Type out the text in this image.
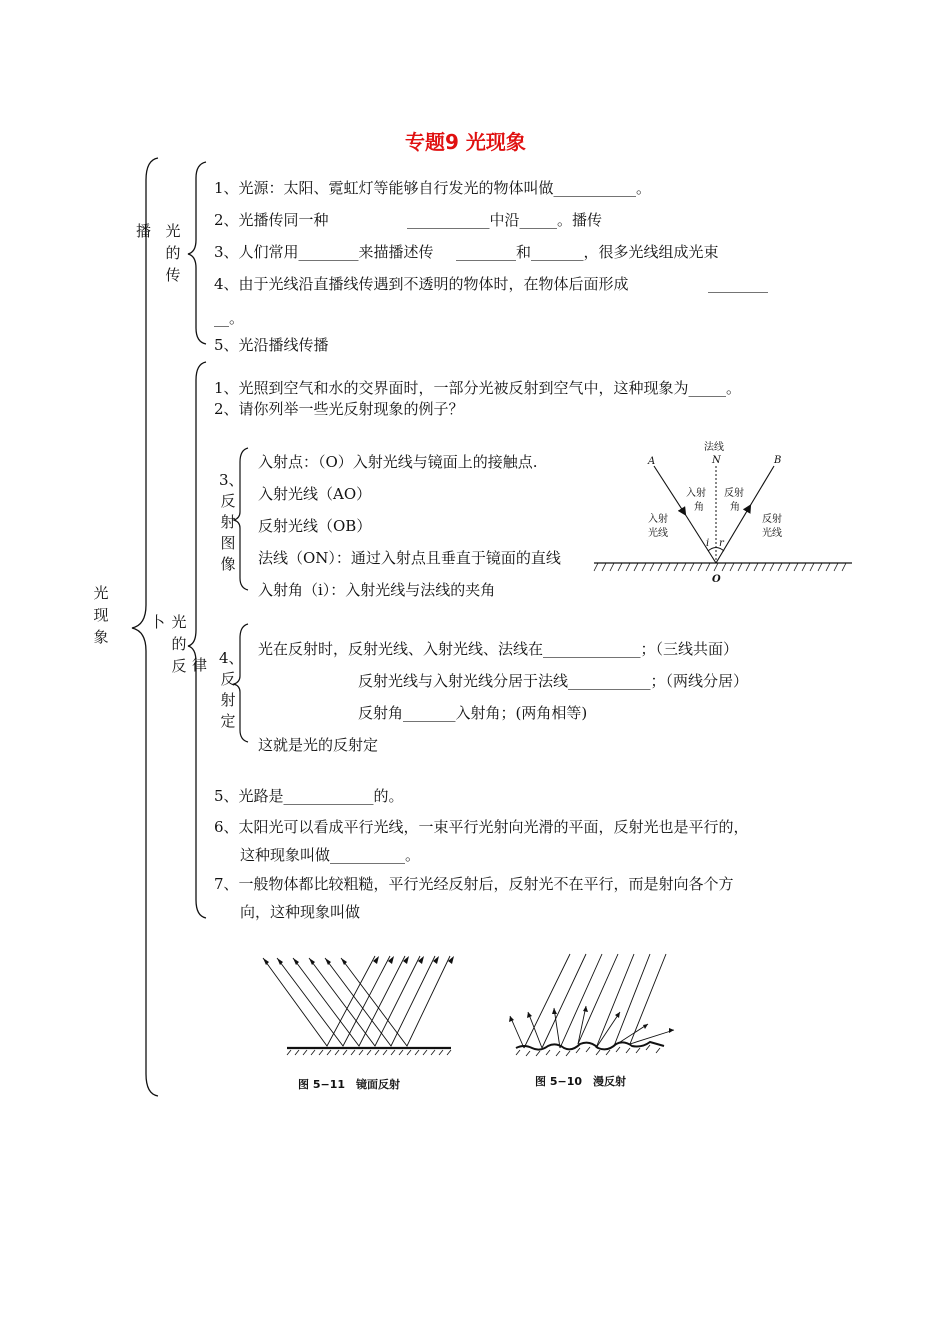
专题9 光现象
光现象
播 光的传
1、光源：太阳、霓虹灯等能够自行发光的物体叫做___________。
2、光播传同一种	___________中沿_____。播传
3、人们常用________来描播述传 ________和_______，很多光线组成光束
4、由于光线沿直播线传遇到不透明的物体时，在物体后面形成	________
__。
5、光沿播线传播
卜 光的反 律
1、光照到空气和水的交界面时，一部分光被反射到空气中，这种现象为_____。
2、请你列举一些光反射现象的例子？
3、反射图像
入射点：（O）入射光线与镜面上的接触点.
入射光线（AO）
反射光线（OB）
法线（ON）：通过入射点且垂直于镜面的直线
入射角（i）：入射光线与法线的夹角
法线
N
A	B
O
入射
角
反射
角
入射
光线
反射
光线
i r
4、反射定
光在反射时，反射光线、入射光线、法线在_____________；（三线共面）
反射光线与入射光线分居于法线___________；（两线分居）
反射角_______入射角；(两角相等)
这就是光的反射定
5、光路是____________的。
6、太阳光可以看成平行光线，一束平行光射向光滑的平面，反射光也是平行的，
这种现象叫做__________。
7、一般物体都比较粗糙，平行光经反射后，反射光不在平行，而是射向各个方
向，这种现象叫做
图 5−11　镜面反射	图 5−10　漫反射
